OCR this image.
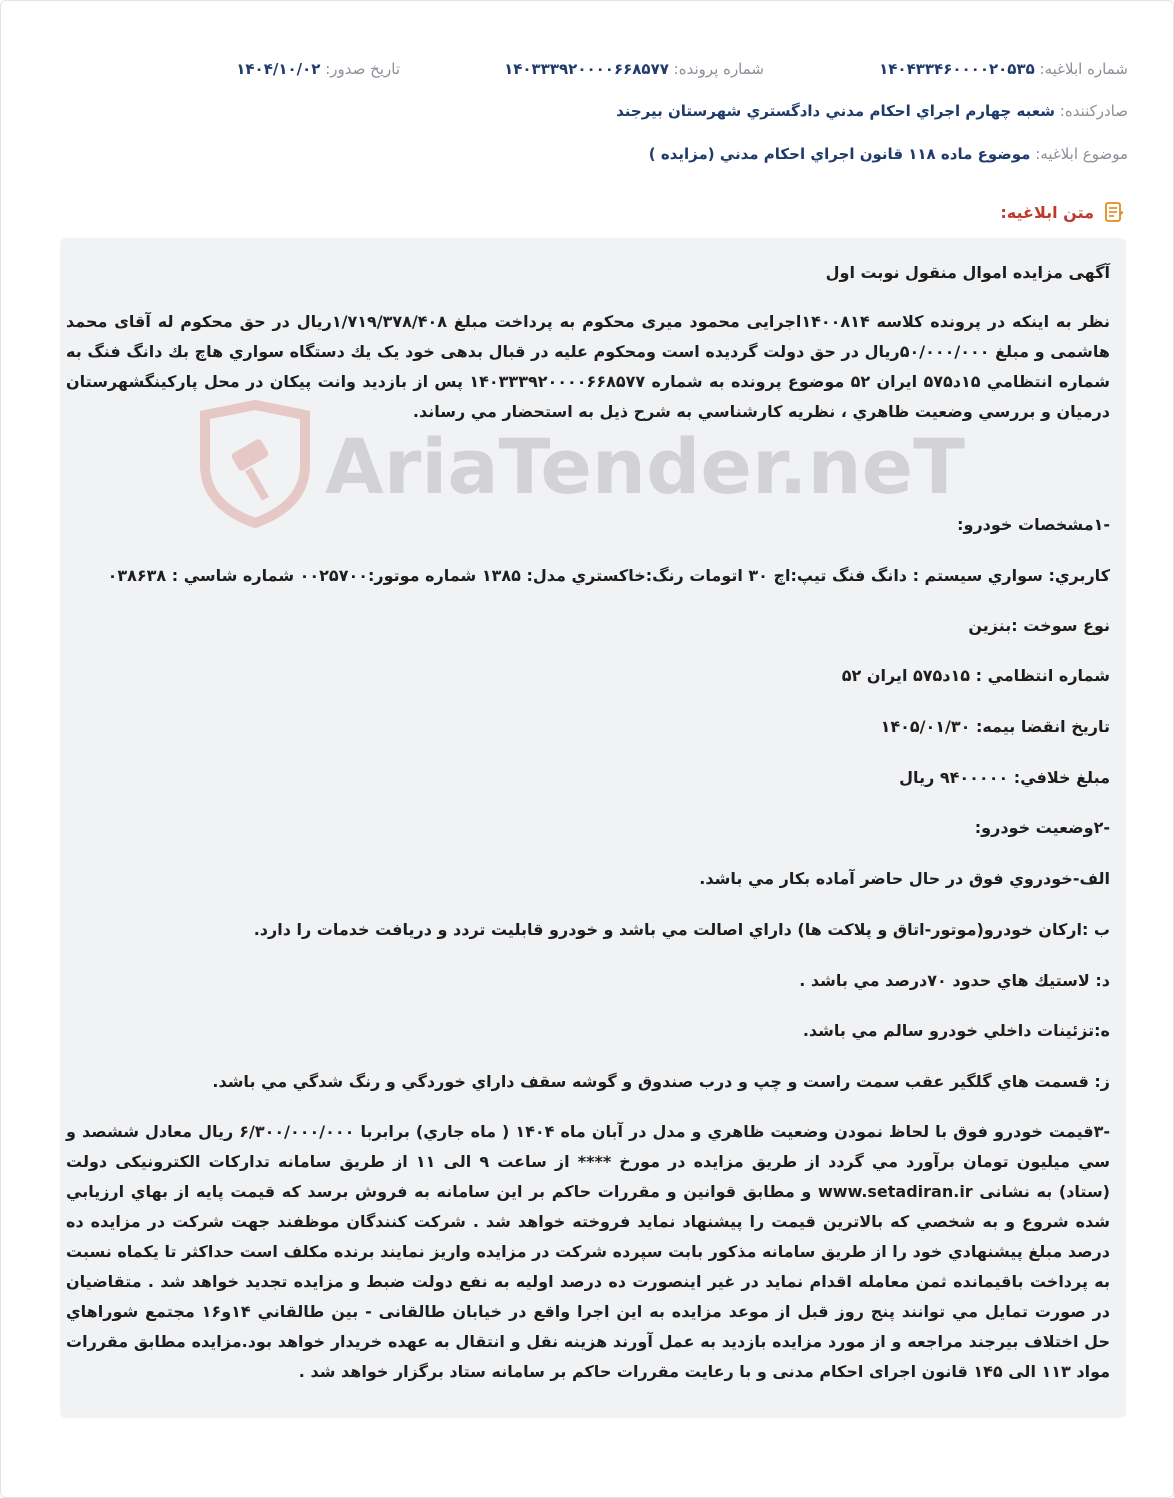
شماره ابلاغيه: ۱۴۰۴۳۳۴۶۰۰۰۰۲۰۵۳۵
شماره پرونده: ۱۴۰۳۳۳۹۲۰۰۰۰۶۶۸۵۷۷
تاريخ صدور: ۱۴۰۴/۱۰/۰۲
صادرکننده: شعبه چهارم اجراي احكام مدني دادگستري شهرستان بيرجند
موضوع ابلاغيه: موضوع ماده ۱۱۸ قانون اجراي احكام مدني (مزايده )
متن ابلاغيه:
AriaTender.neT
آگهی مزایده اموال منقول نوبت اول
نظر به اينكه در پرونده كلاسه ۱۴۰۰۸۱۴اجرایی محمود ميری محكوم به پرداخت مبلغ ۱/۷۱۹/۳۷۸/۴۰۸ريال در حق محكوم له آقای محمد هاشمی و مبلغ ۵۰/۰۰۰/۰۰۰ريال در حق دولت گرديده است ومحكوم عليه در قبال بدهی خود یک يك دستگاه سواري هاچ بك دانگ فنگ به شماره انتظامي ۱۵د۵۷۵ ایران ۵۲ موضوع پرونده به شماره ۱۴۰۳۳۳۹۲۰۰۰۰۶۶۸۵۷۷ پس از بازديد وانت پيكان در محل پاركينگشهرستان درميان و بررسي وضعيت ظاهري ، نظريه كارشناسي به شرح ذيل به استحضار مي رساند.
-۱مشخصات خودرو:
كاربري: سواري سيستم : دانگ فنگ تيپ:اچ ۳۰ اتومات رنگ:خاكستري مدل: ۱۳۸۵ شماره موتور:۰۰۲۵۷۰۰ شماره شاسي : ۰۳۸۶۳۸
نوع سوخت :بنزين
شماره انتظامي : ۱۵د۵۷۵ ایران ۵۲
تاريخ انقضا بيمه: ۱۴۰۵/۰۱/۳۰
مبلغ خلافي: ۹۴۰۰۰۰۰ ريال
-۲وضعيت خودرو:
الف-خودروي فوق در حال حاضر آماده بكار مي باشد.
ب :اركان خودرو(موتور-اتاق و پلاكت ها) داراي اصالت مي باشد و خودرو قابليت تردد و دريافت خدمات را دارد.
د: لاستيك هاي حدود ۷۰درصد مي باشد .
ه:تزئينات داخلي خودرو سالم مي باشد.
ز: قسمت هاي گلگير عقب سمت راست و چپ و درب صندوق و گوشه سقف داراي خوردگي و رنگ شدگي مي باشد.
-۳قيمت خودرو فوق با لحاظ نمودن وضعيت ظاهري و مدل در آبان ماه ۱۴۰۴ ( ماه جاري) برابربا ۶/۳۰۰/۰۰۰/۰۰۰ ريال معادل ششصد و سي ميليون تومان برآورد مي گردد از طريق مزايده در مورخ **** از ساعت ۹ الی ۱۱ از طريق سامانه تداركات الكترونيكی دولت (ستاد) به نشانی www.setadiran.ir و مطابق قوانين و مقررات حاكم بر اين سامانه به فروش برسد كه قيمت پايه از بهاي ارزيابي شده شروع و به شخصي كه بالاترين قيمت را پيشنهاد نمايد فروخته خواهد شد . شركت كنندگان موظفند جهت شركت در مزايده ده درصد مبلغ پيشنهادي خود را از طريق سامانه مذكور بابت سپرده شركت در مزايده واريز نمايند برنده مكلف است حداكثر تا يكماه نسبت به پرداخت باقيمانده ثمن معامله اقدام نمايد در غير اينصورت ده درصد اوليه به نفع دولت ضبط و مزايده تجديد خواهد شد . متقاضيان در صورت تمايل مي توانند پنج روز قبل از موعد مزايده به اين اجرا واقع در خيابان طالقانی - بين طالقاني ۱۴و۱۶ مجتمع شوراهاي حل اختلاف بيرجند مراجعه و از مورد مزايده بازديد به عمل آورند هزينه نقل و انتقال به عهده خريدار خواهد بود.مزايده مطابق مقررات مواد ۱۱۳ الی ۱۴۵ قانون اجرای احكام مدنی و با رعايت مقررات حاكم بر سامانه ستاد برگزار خواهد شد .
